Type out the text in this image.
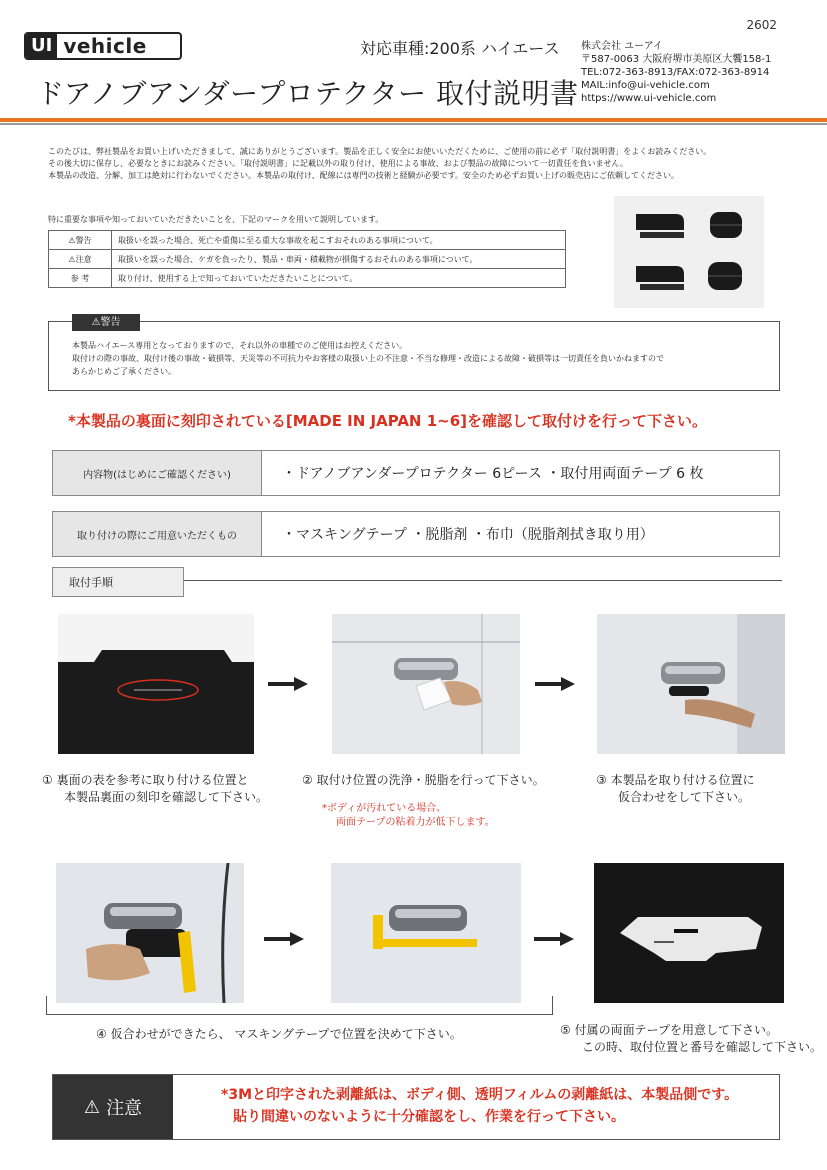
2602
UI vehicle	対応車種:200系 ハイエース
ドアノブアンダープロテクター 取付説明書
株式会社 ユーアイ
〒587-0063 大阪府堺市美原区大饗158-1
TEL:072-363-8913/FAX:072-363-8914
MAIL:info@ui-vehicle.com
https://www.ui-vehicle.com
このたびは、弊社製品をお買い上げいただきまして、誠にありがとうございます。製品を正しく安全にお使いいただくために、ご使用の前に必ず「取付説明書」をよくお読みください。
その後大切に保存し、必要なときにお読みください。「取付説明書」に記載以外の取り付け、使用による事故、および製品の故障について一切責任を負いません。
本製品の改造、分解、加工は絶対に行わないでください。本製品の取付け、配線には専門の技術と経験が必要です。安全のため必ずお買い上げの販売店にご依頼してください。
特に重要な事項や知っておいていただきたいことを、下記のマークを用いて説明しています。
⚠警告	取扱いを誤った場合、死亡や重傷に至る重大な事故を起こすおそれのある事項について。
⚠注意	取扱いを誤った場合、ケガを負ったり、製品・車両・積載物が損傷するおそれのある事項について。
参 考	取り付け、使用する上で知っておいていただきたいことについて。
⚠警告
本製品ハイエース専用となっておりますので、それ以外の車種でのご使用はお控えください。
取付けの際の事故、取付け後の事故・破損等、天災等の不可抗力やお客様の取扱い上の不注意・不当な修理・改造による故障・破損等は一切責任を負いかねますので
あらかじめご了承ください。
*本製品の裏面に刻印されている[MADE IN JAPAN 1~6]を確認して取付けを行って下さい。
内容物(はじめにご確認ください)	・ドアノブアンダープロテクター 6ピース ・取付用両面テープ 6 枚
取り付けの際にご用意いただくもの	・マスキングテープ ・脱脂剤 ・布巾（脱脂剤拭き取り用）
取付手順
① 裏面の表を参考に取り付ける位置と
本製品裏面の刻印を確認して下さい。
② 取付け位置の洗浄・脱脂を行って下さい。
*ボディが汚れている場合、
両面テープの粘着力が低下します。
③ 本製品を取り付ける位置に
仮合わせをして下さい。
④ 仮合わせができたら、 マスキングテープで位置を決めて下さい。	⑤ 付属の両面テープを用意して下さい。
この時、取付位置と番号を確認して下さい。
⚠ 注意
*3Mと印字された剥離紙は、ボディ側、透明フィルムの剥離紙は、本製品側です。
貼り間違いのないように十分確認をし、作業を行って下さい。
